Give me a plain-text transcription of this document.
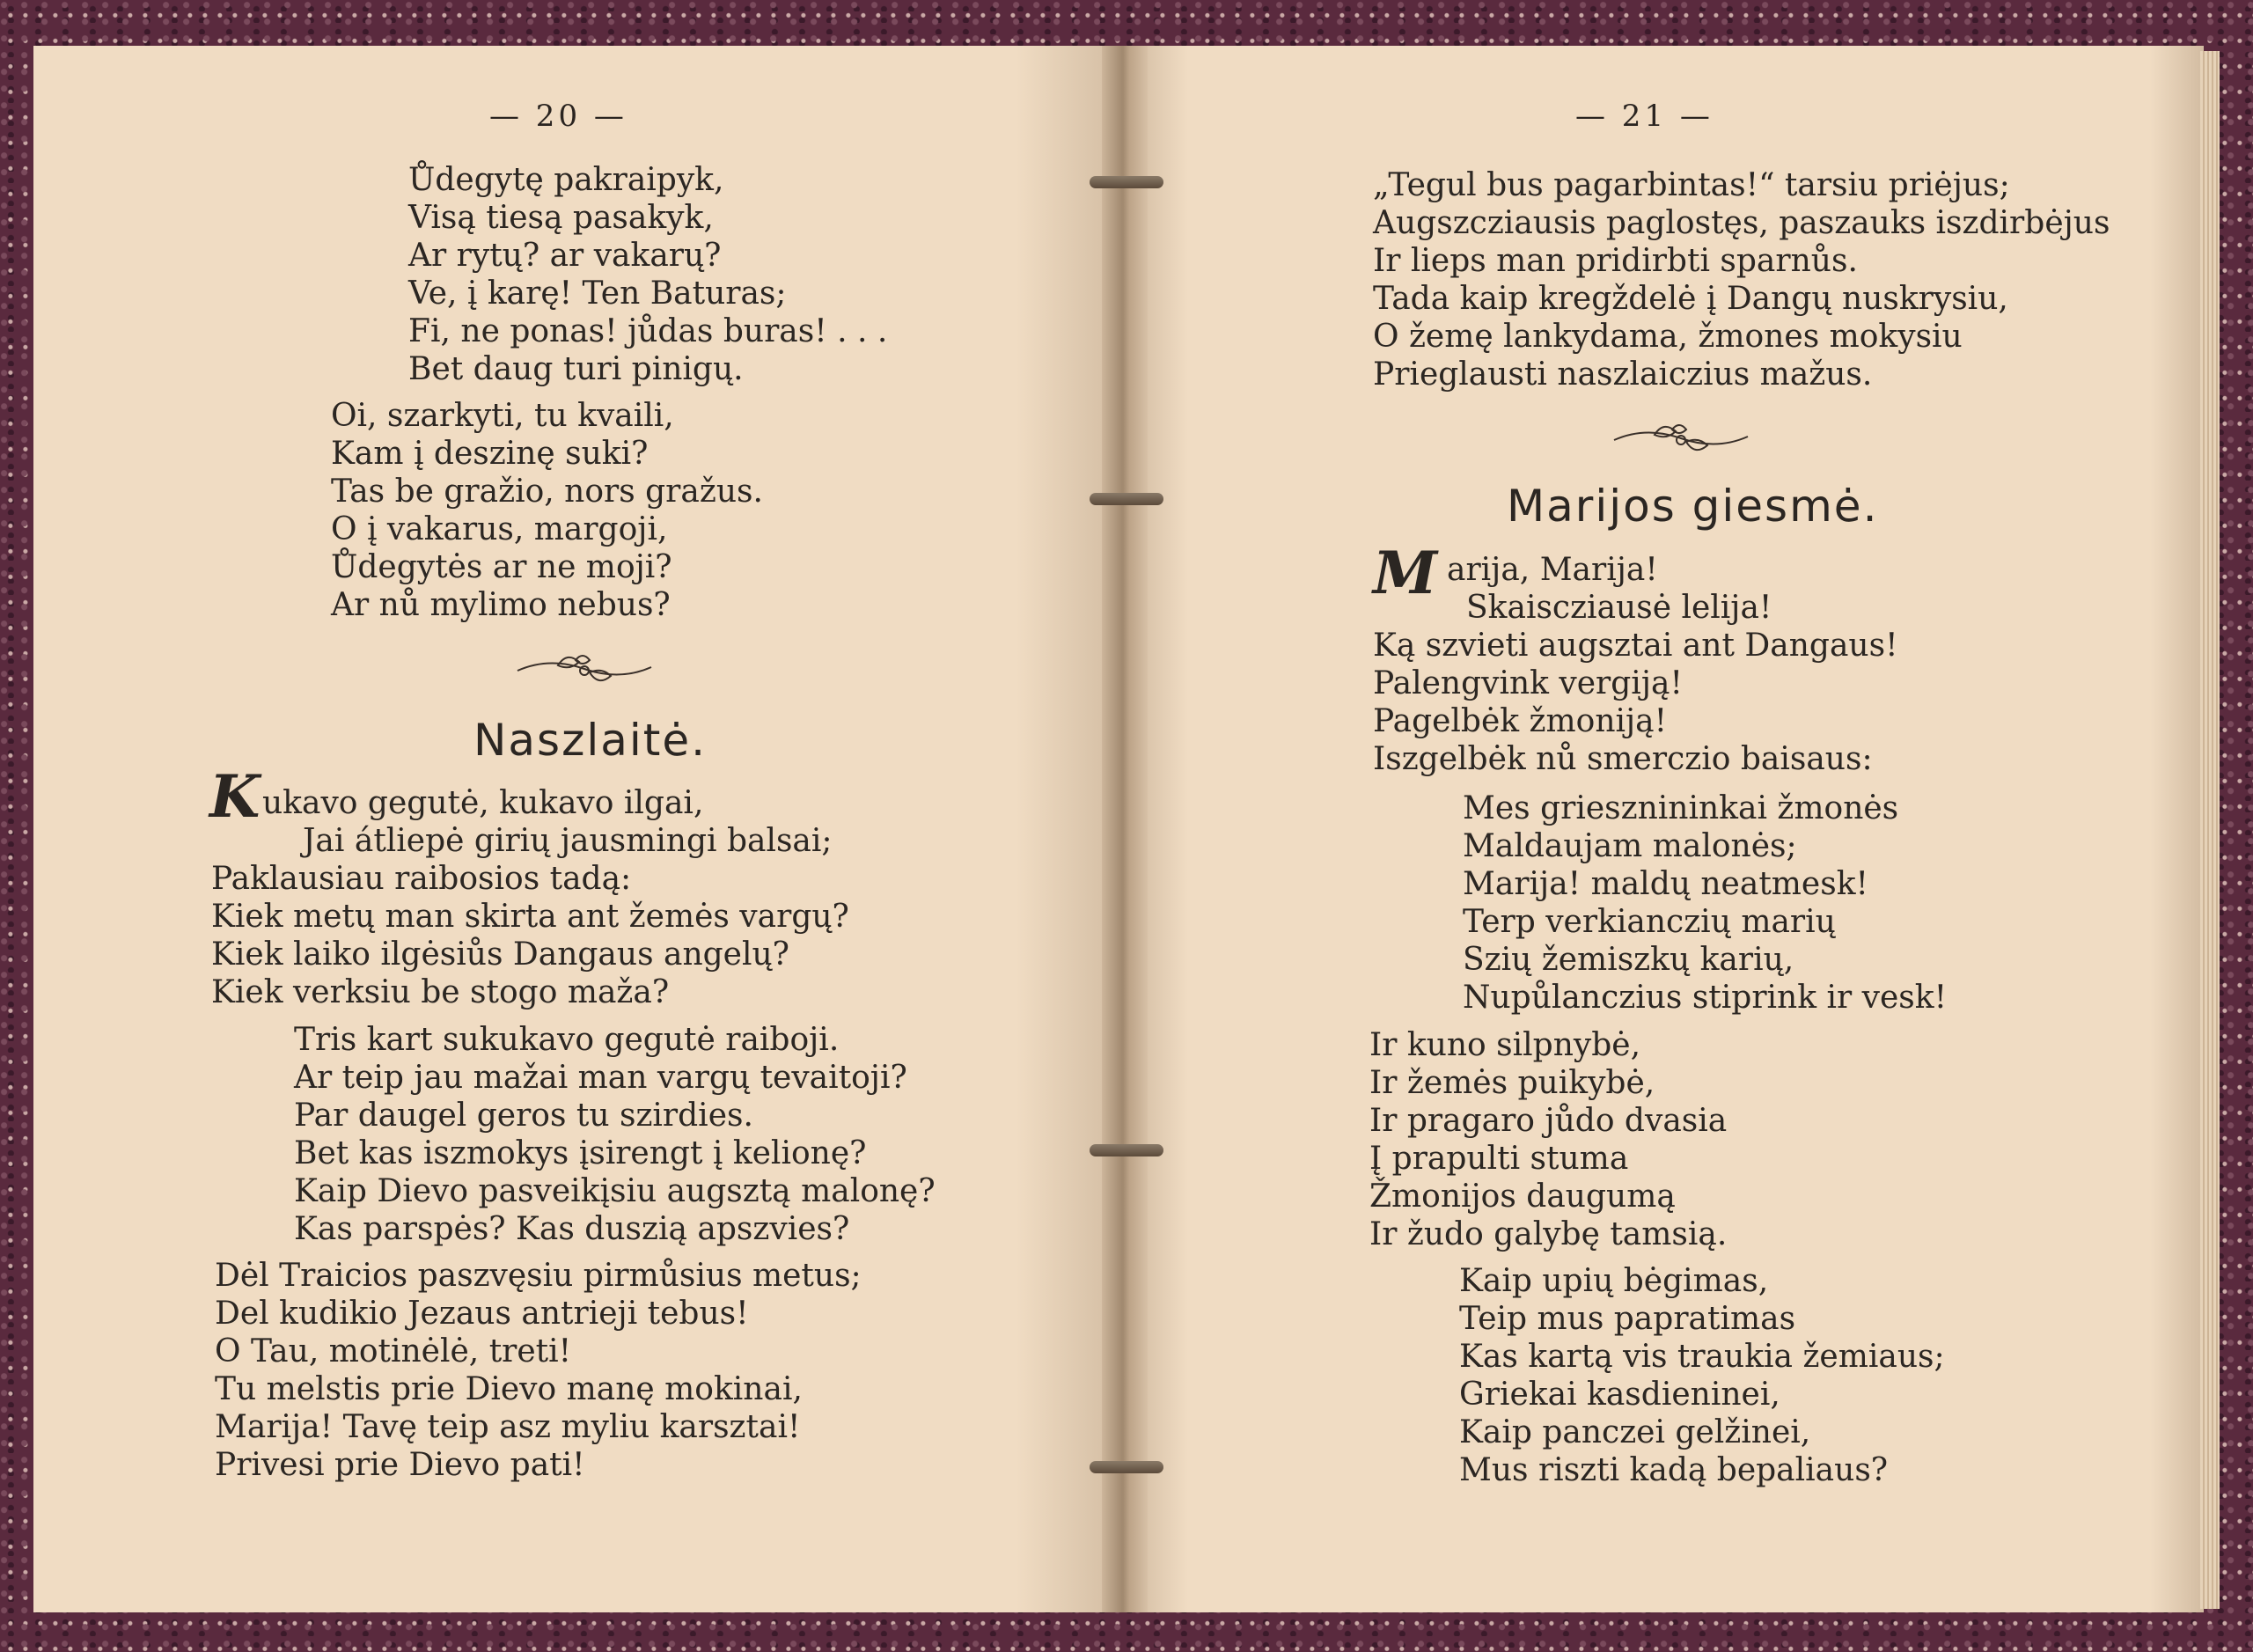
— 20 —
Ůdegytę pakraipyk,
Visą tiesą pasakyk,
Ar rytų? ar vakarų?
Ve, į karę! Ten Baturas;
Fi, ne ponas! jůdas buras! . . .
Bet daug turi pinigų.
Oi, szarkyti, tu kvaili,
Kam į deszinę suki?
Tas be gražio, nors gražus.
O į vakarus, margoji,
Ůdegytės ar ne moji?
Ar nů mylimo nebus?
Naszlaitė.
K ukavo gegutė, kukavo ilgai,
Jai átliepė girių jausmingi balsai;
Paklausiau raibosios tadą:
Kiek metų man skirta ant žemės vargų?
Kiek laiko ilgėsiůs Dangaus angelų?
Kiek verksiu be stogo maža?
Tris kart sukukavo gegutė raiboji.
Ar teip jau mažai man vargų tevaitoji?
Par daugel geros tu szirdies.
Bet kas iszmokys įsirengt į kelionę?
Kaip Dievo pasveikįsiu augsztą malonę?
Kas parspės? Kas duszią apszvies?
Dėl Traicios paszvęsiu pirmůsius metus;
Del kudikio Jezaus antrieji tebus!
O Tau, motinėlė, treti!
Tu melstis prie Dievo manę mokinai,
Marija! Tavę teip asz myliu karsztai!
Privesi prie Dievo pati!
— 21 —
„Tegul bus pagarbintas!“ tarsiu priėjus;
Augszcziausis paglostęs, paszauks iszdirbėjus
Ir lieps man pridirbti sparnůs.
Tada kaip kregždelė į Dangų nuskrysiu,
O žemę lankydama, žmones mokysiu
Prieglausti naszlaiczius mažus.
Marijos giesmė.
M arija, Marija!
Skaiscziausė lelija!
Ką szvieti augsztai ant Dangaus!
Palengvink vergiją!
Pagelbėk žmoniją!
Iszgelbėk nů smerczio baisaus:
Mes griesznininkai žmonės
Maldaujam malonės;
Marija! maldų neatmesk!
Terp verkianczių marių
Szių žemiszkų karių,
Nupůlanczius stiprink ir vesk!
Ir kuno silpnybė,
Ir žemės puikybė,
Ir pragaro jůdo dvasia
Į prapulti stuma
Žmonijos daugumą
Ir žudo galybę tamsią.
Kaip upių bėgimas,
Teip mus papratimas
Kas kartą vis traukia žemiaus;
Griekai kasdieninei,
Kaip panczei gelžinei,
Mus riszti kadą bepaliaus?
